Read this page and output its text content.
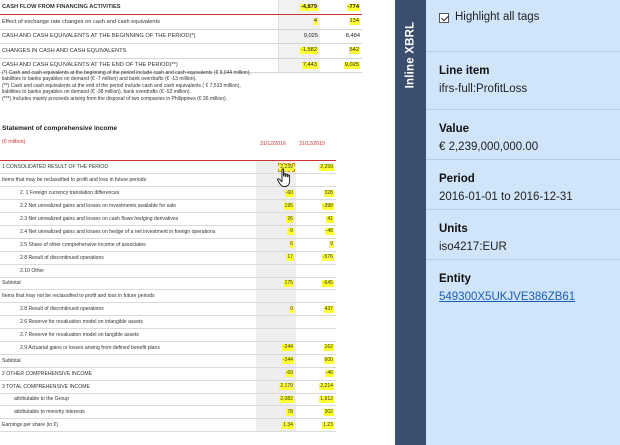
CASH FLOW FROM FINANCING ACTIVITIES	-4,879	-774
Effect of exchange rate changes on cash and cash equivalents	4	134
CASH AND CASH EQUIVALENTS AT THE BEGINNING OF THE PERIOD(*)	9,025	8,484
CHANGES IN CASH AND CASH EQUIVALENTS	-1,582	542
CASH AND CASH EQUIVALENTS AT THE END OF THE PERIOD(**)	7,443	9,025
(*) Cash and cash equivalents at the beginning of the period include cash and cash equivalents (€ 9,044 million),
liabilities to banks payables on demand (€ -7 million) and bank overdrafts (€ -13 million).
(**) Cash and cash equivalents at the end of the period include cash and cash equivalents ( € 7,533 million),
liabilities to banks payables on demand (€ -38 million), bank overdrafts (€ -52 million).
(***) Includes mainly proceeds arising from the disposal of two companies in Philippines (€ 36 million).
Statement of comprehensive income
(€ million)	31/12/2016	31/12/2015
1 CONSOLIDATED RESULT OF THE PERIOD	2,239	2,259
Items that may be reclassified to profit and loss in future periods		
2. 1 Foreign currency translation differences	-60	328
2.2 Net unrealized gains and losses on investments available for sale	195	-398
2.3 Net unrealized gains and losses on cash flows hedging derivatives	26	41
2.4 Net unrealized gains and losses on hedge of a net investment in foreign operations	-9	-48
2.5 Share of other comprehensive income of associates	6	9
2.8 Result of discontinued operations	17	-576
2.10 Other		
Subtotal	175	-645
Items that may not be reclassified to profit and loss in future periods		
2.8 Result of discontinued operations	0	437
2.6 Reserve for revaluation model on intangible assets		
2.7 Reserve for revaluation model on tangible assets		
2.9 Actuarial gains or losses arising from defined benefit plans	-244	162
Subtotal	-244	600
2 OTHER COMPREHENSIVE INCOME	-69	-46
3 TOTAL COMPREHENSIVE INCOME	2,170	2,214
attributable to the Group	2,082	1,912
attributable to minority interests	78	302
Earnings per share (in €)	1.34	1.23
Inline XBRL
Highlight all tags
Line item
ifrs-full:ProfitLoss
Value
€ 2,239,000,000.00
Period
2016-01-01 to 2016-12-31
Units
iso4217:EUR
Entity
549300X5UKJVE386ZB61
